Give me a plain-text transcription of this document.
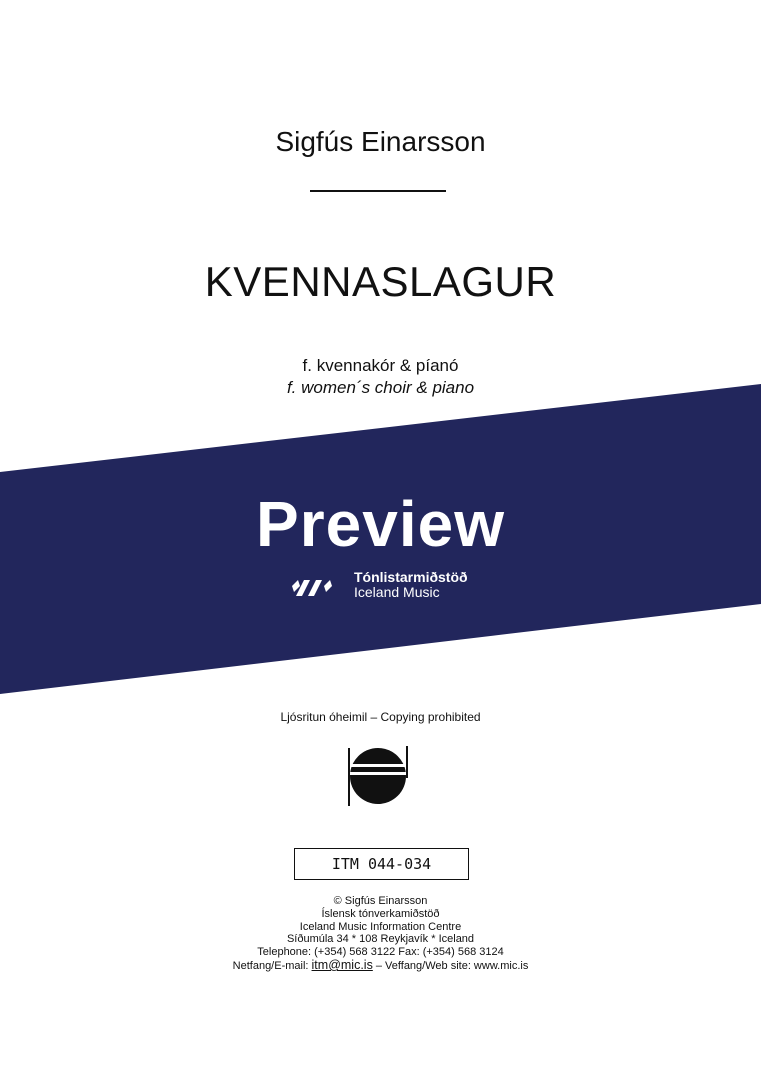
Sigfús Einarsson
KVENNASLAGUR
f. kvennakór & píanó
f. women´s choir & piano
Preview
Tónlistarmiðstöð
Iceland Music
Ljósritun óheimil – Copying prohibited
ITM 044-034
© Sigfús Einarsson
Íslensk tónverkamiðstöð
Iceland Music Information Centre
Síðumúla 34 * 108 Reykjavík * Iceland
Telephone: (+354) 568 3122 Fax: (+354) 568 3124
Netfang/E-mail: itm@mic.is – Veffang/Web site: www.mic.is
